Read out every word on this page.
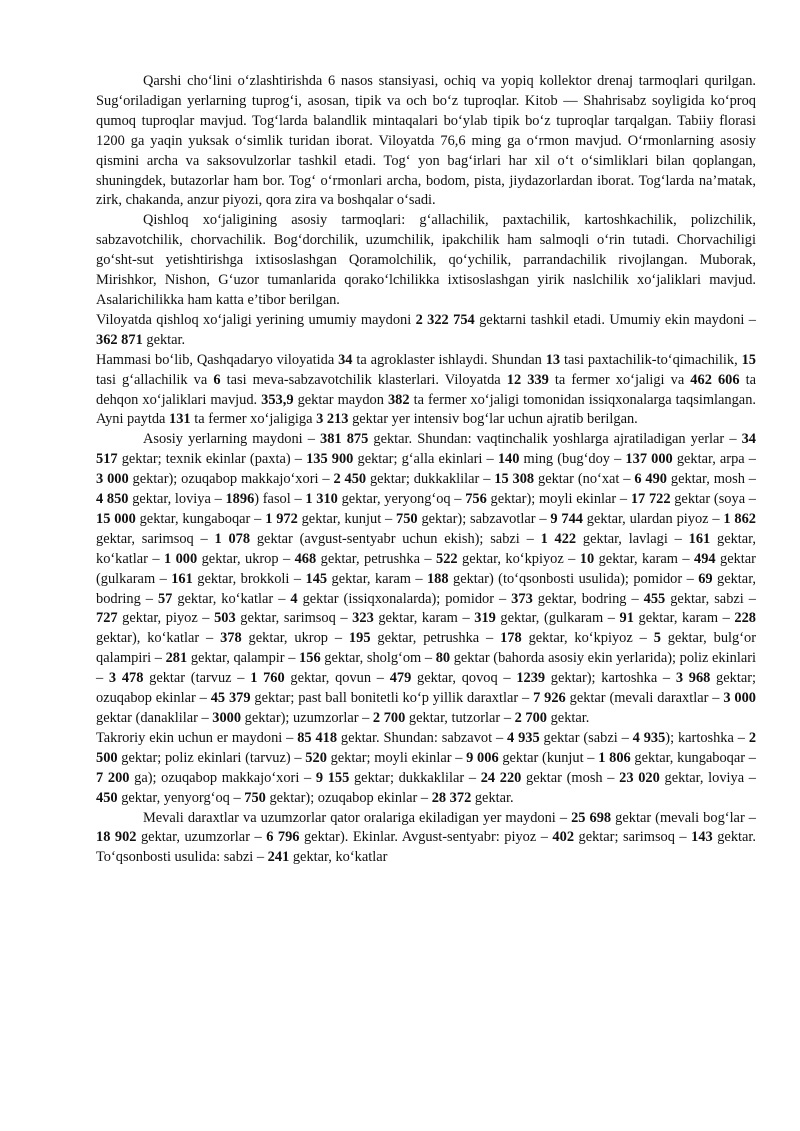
Qarshi cho‘lini o‘zlashtirishda 6 nasos stansiyasi, ochiq va yopiq kollektor drenaj tarmoqlari qurilgan. Sug‘oriladigan yerlarning tuprog‘i, asosan, tipik va och bo‘z tuproqlar. Kitob — Shahrisabz soyligida ko‘proq qumoq tuproqlar mavjud. Tog‘larda balandlik mintaqalari bo‘ylab tipik bo‘z tuproqlar tarqalgan. Tabiiy florasi 1200 ga yaqin yuksak o‘simlik turidan iborat. Viloyatda 76,6 ming ga o‘rmon mavjud. O‘rmonlarning asosiy qismini archa va saksovulzorlar tashkil etadi. Tog‘ yon bag‘irlari har xil o‘t o‘simliklari bilan qoplangan, shuningdek, butazorlar ham bor. Tog‘ o‘rmonlari archa, bodom, pista, jiydazorlardan iborat. Tog‘larda na’matak, zirk, chakanda, anzur piyozi, qora zira va boshqalar o‘sadi.

Qishloq xo‘jaligining asosiy tarmoqlari: g‘allachilik, paxtachilik, kartoshkachilik, polizchilik, sabzavotchilik, chorvachilik. Bog‘dorchilik, uzumchilik, ipakchilik ham salmoqli o‘rin tutadi. Chorvachiligi go‘sht-sut yetishtirishga ixtisoslashgan Qoramolchilik, qo‘ychilik, parrandachilik rivojlangan. Muborak, Mirishkor, Nishon, G‘uzor tumanlarida qorako‘lchilikka ixtisoslashgan yirik naslchilik xo‘jaliklari mavjud. Asalarichilikka ham katta e’tibor berilgan.

Viloyatda qishloq xo‘jaligi yerining umumiy maydoni 2 322 754 gektarni tashkil etadi. Umumiy ekin maydoni – 362 871 gektar.

Hammasi bo‘lib, Qashqadaryo viloyatida 34 ta agroklaster ishlaydi. Shundan 13 tasi paxtachilik-to‘qimachilik, 15 tasi g‘allachilik va 6 tasi meva-sabzavotchilik klasterlari. Viloyatda 12 339 ta fermer xo‘jaligi va 462 606 ta dehqon xo‘jaliklari mavjud. 353,9 gektar maydon 382 ta fermer xo‘jaligi tomonidan issiqxonalarga taqsimlangan. Ayni paytda 131 ta fermer xo‘jaligiga 3 213 gektar yer intensiv bog‘lar uchun ajratib berilgan.

Asosiy yerlarning maydoni – 381 875 gektar. Shundan: vaqtinchalik yoshlarga ajratiladigan yerlar – 34 517 gektar; texnik ekinlar (paxta) – 135 900 gektar; g‘alla ekinlari – 140 ming (bug‘doy – 137 000 gektar, arpa – 3 000 gektar); ozuqabop makkajo‘xori – 2 450 gektar; dukkaklilar – 15 308 gektar (no‘xat – 6 490 gektar, mosh – 4 850 gektar, loviya – 1896) fasol – 1 310 gektar, yeryong‘oq – 756 gektar); moyli ekinlar – 17 722 gektar (soya – 15 000 gektar, kungaboqar – 1 972 gektar, kunjut – 750 gektar); sabzavotlar – 9 744 gektar, ulardan piyoz – 1 862 gektar, sarimsoq – 1 078 gektar (avgust-sentyabr uchun ekish); sabzi – 1 422 gektar, lavlagi – 161 gektar, ko‘katlar – 1 000 gektar, ukrop – 468 gektar, petrushka – 522 gektar, ko‘kpiyoz – 10 gektar, karam – 494 gektar (gulkaram – 161 gektar, brokkoli – 145 gektar, karam – 188 gektar) (to‘qsonbosti usulida); pomidor – 69 gektar, bodring – 57 gektar, ko‘katlar – 4 gektar (issiqxonalarda); pomidor – 373 gektar, bodring – 455 gektar, sabzi – 727 gektar, piyoz – 503 gektar, sarimsoq – 323 gektar, karam – 319 gektar, (gulkaram – 91 gektar, karam – 228 gektar), ko‘katlar – 378 gektar, ukrop – 195 gektar, petrushka – 178 gektar, ko‘kpiyoz – 5 gektar, bulg‘or qalampiri – 281 gektar, qalampir – 156 gektar, sholg‘om – 80 gektar (bahorda asosiy ekin yerlarida); poliz ekinlari – 3 478 gektar (tarvuz – 1 760 gektar, qovun – 479 gektar, qovoq – 1239 gektar); kartoshka – 3 968 gektar; ozuqabop ekinlar – 45 379 gektar; past ball bonitetli ko‘p yillik daraxtlar – 7 926 gektar (mevali daraxtlar – 3 000 gektar (danaklilar – 3000 gektar); uzumzorlar – 2 700 gektar, tutzorlar – 2 700 gektar.

Takroriy ekin uchun er maydoni – 85 418 gektar. Shundan: sabzavot – 4 935 gektar (sabzi – 4 935); kartoshka – 2 500 gektar; poliz ekinlari (tarvuz) – 520 gektar; moyli ekinlar – 9 006 gektar (kunjut – 1 806 gektar, kungaboqar – 7 200 ga); ozuqabop makkajo‘xori – 9 155 gektar; dukkaklilar – 24 220 gektar (mosh – 23 020 gektar, loviya – 450 gektar, yenyorg‘oq – 750 gektar); ozuqabop ekinlar – 28 372 gektar.

Mevali daraxtlar va uzumzorlar qator oralariga ekiladigan yer maydoni – 25 698 gektar (mevali bog‘lar – 18 902 gektar, uzumzorlar – 6 796 gektar). Ekinlar. Avgust-sentyabr: piyoz – 402 gektar; sarimsoq – 143 gektar. To‘qsonbosti usulida: sabzi – 241 gektar, ko‘katlar
